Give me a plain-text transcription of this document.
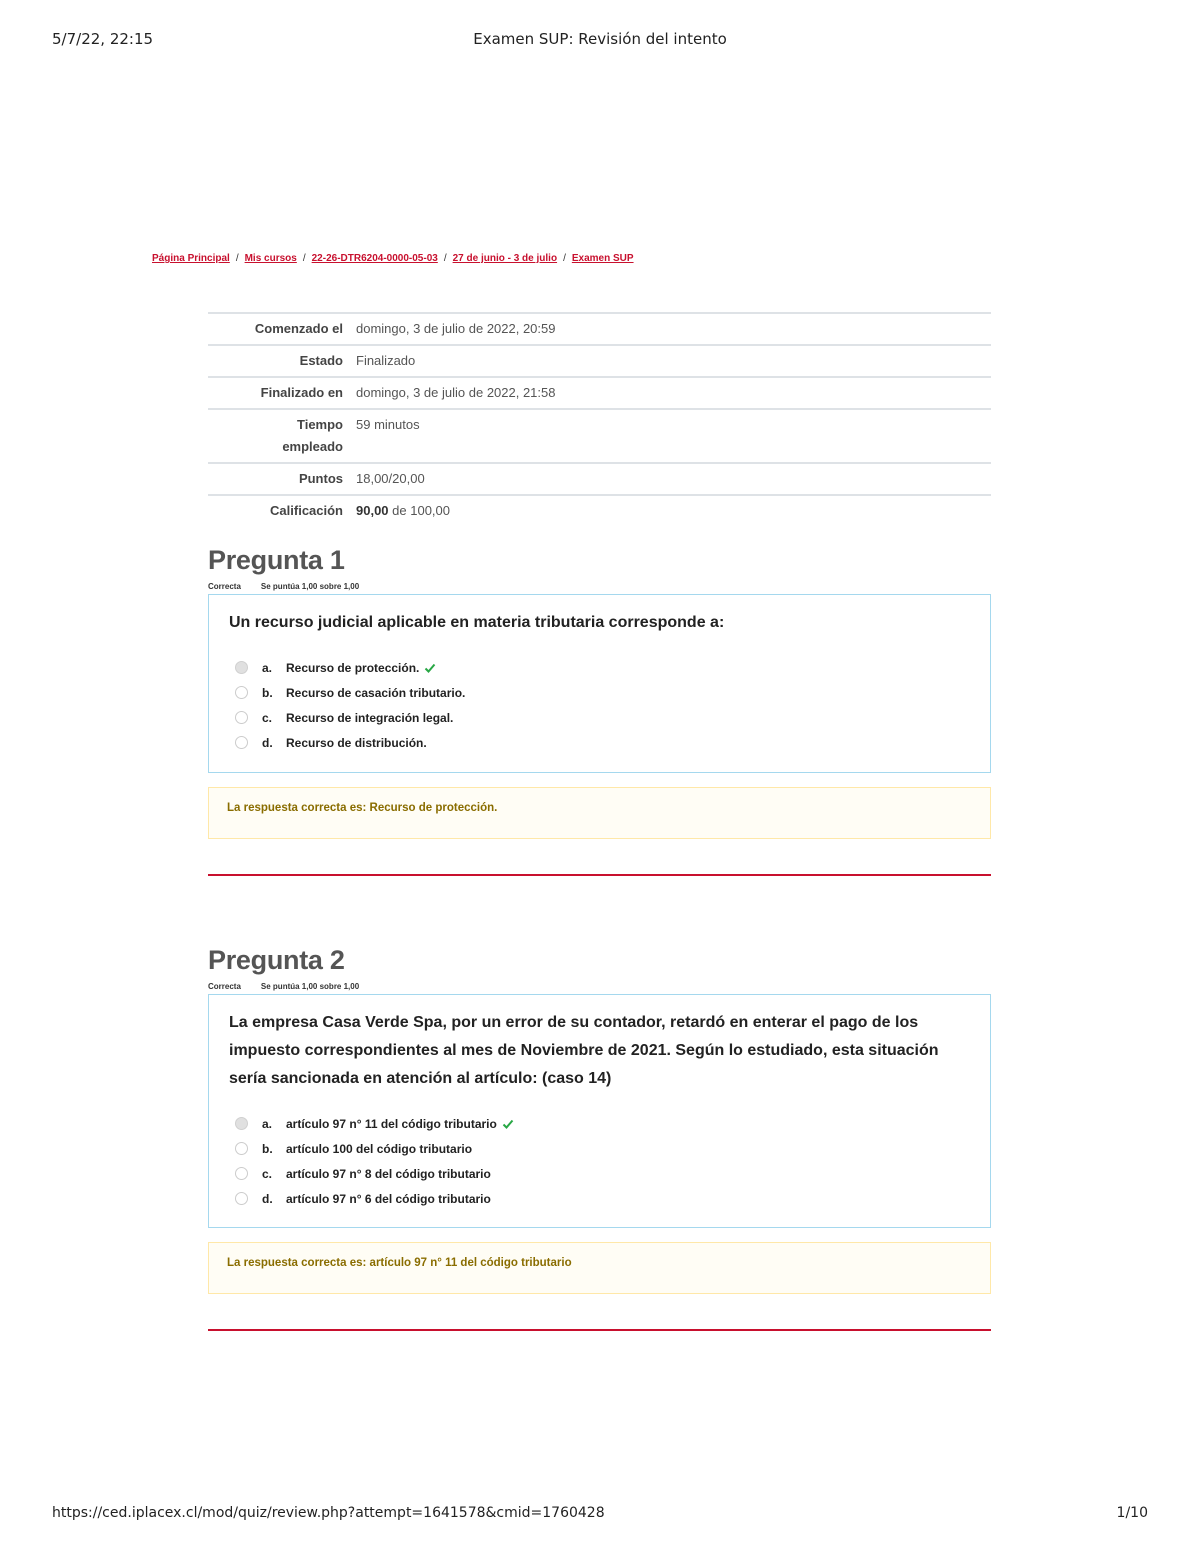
5/7/22, 22:15	Examen SUP: Revisión del intento
Página Principal / Mis cursos / 22-26-DTR6204-0000-05-03 / 27 de junio - 3 de julio / Examen SUP
Comenzado el	domingo, 3 de julio de 2022, 20:59
Estado	Finalizado
Finalizado en	domingo, 3 de julio de 2022, 21:58
Tiempo
empleado	59 minutos
Puntos	18,00/20,00
Calificación	90,00 de 100,00
Pregunta 1
Correcta	Se puntúa 1,00 sobre 1,00
Un recurso judicial aplicable en materia tributaria corresponde a:
a.	Recurso de protección.
b.	Recurso de casación tributario.
c.	Recurso de integración legal.
d.	Recurso de distribución.
La respuesta correcta es: Recurso de protección.
Pregunta 2
Correcta	Se puntúa 1,00 sobre 1,00
La empresa Casa Verde Spa, por un error de su contador, retardó en enterar el pago de los impuesto correspondientes al mes de Noviembre de 2021. Según lo estudiado, esta situación sería sancionada en atención al artículo: (caso 14)
a.	artículo 97 n° 11 del código tributario
b.	artículo 100 del código tributario
c.	artículo 97 n° 8 del código tributario
d.	artículo 97 n° 6 del código tributario
La respuesta correcta es: artículo 97 n° 11 del código tributario
https://ced.iplacex.cl/mod/quiz/review.php?attempt=1641578&cmid=1760428	1/10
